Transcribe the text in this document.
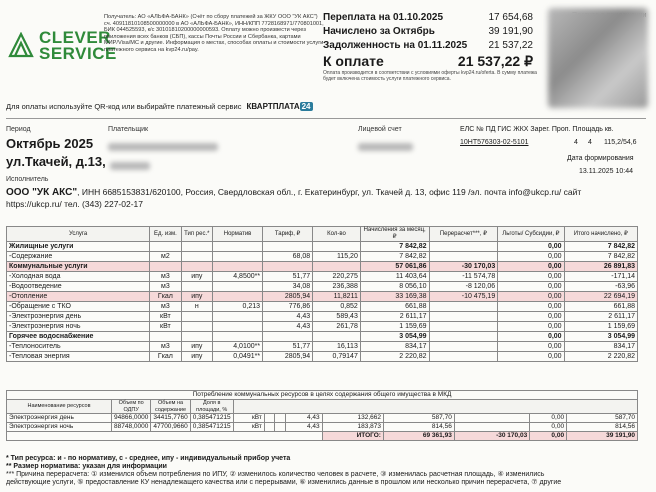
CLEVER
SERVICE
Получатель: АО «АЛЬФА-БАНК» (Счёт по сбору платежей за ЖКУ ООО "УК АКС") сч. 40911810108500000000 в АО «АЛЬФА-БАНК», ИНН/КПП 7728168971/770801001, БИК 044525593, к/с 30101810200000000593. Оплату можно произвести через приложения всех банков (СБП), кассы Почты России и Сбербанка, картами МИР/Visa/МС и другие. Информация о местах, способах оплаты и стоимости услуги платежного сервиса на kvp24.ru/pay.
Переплата на 01.10.2025	17 654,68
Начислено за Октябрь	39 191,90
Задолженность на 01.11.2025 21 537,22
К оплате	21 537,22 ₽
Оплата производится в соответствии с условиями оферты kvp24.ru/oferta. В сумму платежа будет включена стоимость услуги платежного сервиса.
Для оплаты используйте QR-код или выбирайте платежный сервис КВАРТПЛАТА 24
Период
Октябрь 2025
Плательщик	Лицевой счет
ул.Ткачей, д.13,
ЕЛС № ПД ГИС ЖКХ Зарег. Проп. Площадь кв.
10НТ576303-02-5101	4 4 115,2/54,6
Дата формирования
13.11.2025 10:44
Исполнитель
ООО "УК АКС", ИНН 6685153831/620100, Россия, Свердловская обл., г. Екатеринбург, ул. Ткачей д. 13, офис 119 /эл. почта info@ukcp.ru/ сайт
https://ukcp.ru/ тел. (343) 227-02-17
Услуга	Ед. изм.	Тип рес.*	Норматив	Тариф, ₽	Кол-во	Начисления за месяц, ₽	Перерасчет***, ₽	Льготы/ Субсидии, ₽	Итого начислено, ₽
Жилищные услуги						7 842,82		0,00	7 842,82
-Содержание	м2			68,08	115,20	7 842,82		0,00	7 842,82
Коммунальные услуги						57 061,86	-30 170,03	0,00	26 891,83
-Холодная вода	м3	ипу	4,8500**	51,77	220,275	11 403,64	-11 574,78	0,00	-171,14
-Водоотведение	м3			34,08	236,388	8 056,10	-8 120,06	0,00	-63,96
-Отопление	Гкал	ипу		2805,94	11,8211	33 169,38	-10 475,19	0,00	22 694,19
-Обращение с ТКО	м3	н	0,213	776,86	0,852	661,88		0,00	661,88
-Электроэнергия день	кВт			4,43	589,43	2 611,17		0,00	2 611,17
-Электроэнергия ночь	кВт			4,43	261,78	1 159,69		0,00	1 159,69
Горячее водоснабжение						3 054,99		0,00	3 054,99
-Теплоноситель	м3	ипу	4,0100**	51,77	16,113	834,17		0,00	834,17
-Тепловая энергия	Гкал	ипу	0,0491**	2805,94	0,79147	2 220,82		0,00	2 220,82
Потребление коммунальных ресурсов в целях содержания общего имущества в МКД												
Наименование ресурсов	Объем по ОДПУ	Объем на содержание	Доля в площади, %									
Электроэнергия день	94866,0000	34415,7760	0,385471215	кВт			4,43	132,662	587,70		0,00	587,70
Электроэнергия ночь	88748,0000	47700,9660	0,385471215	кВт			4,43	183,873	814,56		0,00	814,56
								ИТОГО:	69 361,93	-30 170,03	0,00	39 191,90
* Тип ресурса: и - по нормативу, с - среднее, ипу - индивидуальный прибор учета
** Размер норматива: указан для информации
*** Причина перерасчета: ① изменился объем потребления по ИПУ, ② изменилось количество человек в расчете, ③ изменилась расчетная площадь, ④ изменились
действующие услуги, ⑤ предоставление КУ ненадлежащего качества или с перерывами, ⑥ изменились данные в прошлом или несколько причин перерасчета, ⑦ другие
